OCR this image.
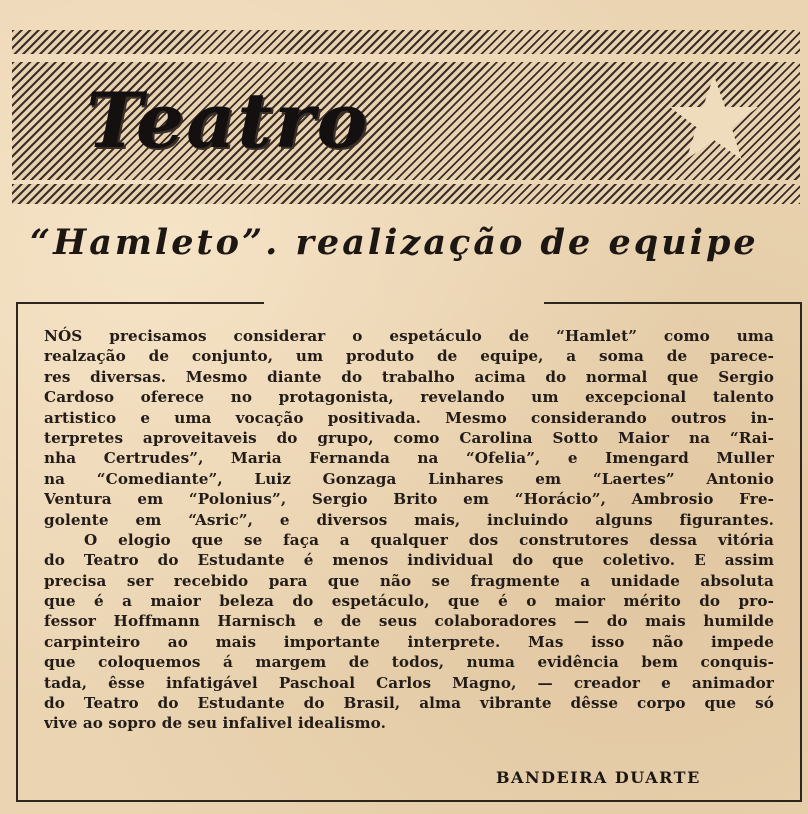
Teatro
“Hamleto”. realização de equipe
NÓS precisamos considerar o espetáculo de “Hamlet” como uma
realzação de conjunto, um produto de equipe, a soma de parece-
res diversas. Mesmo diante do trabalho acima do normal que Sergio
Cardoso oferece no protagonista, revelando um excepcional talento
artistico e uma vocação positivada. Mesmo considerando outros in-
terpretes aproveitaveis do grupo, como Carolina Sotto Maior na “Rai-
nha Certrudes”, Maria Fernanda na “Ofelia”, e Imengard Muller
na “Comediante”, Luiz Gonzaga Linhares em “Laertes” Antonio
Ventura em “Polonius”, Sergio Brito em “Horácio”, Ambrosio Fre-
golente em “Asric”, e diversos mais, incluindo alguns figurantes.
O elogio que se faça a qualquer dos construtores dessa vitória
do Teatro do Estudante é menos individual do que coletivo. E assim
precisa ser recebido para que não se fragmente a unidade absoluta
que é a maior beleza do espetáculo, que é o maior mérito do pro-
fessor Hoffmann Harnisch e de seus colaboradores — do mais humilde
carpinteiro ao mais importante interprete. Mas isso não impede
que coloquemos á margem de todos, numa evidência bem conquis-
tada, êsse infatigável Paschoal Carlos Magno, — creador e animador
do Teatro do Estudante do Brasil, alma vibrante dêsse corpo que só
vive ao sopro de seu infalivel idealismo.
BANDEIRA DUARTE
